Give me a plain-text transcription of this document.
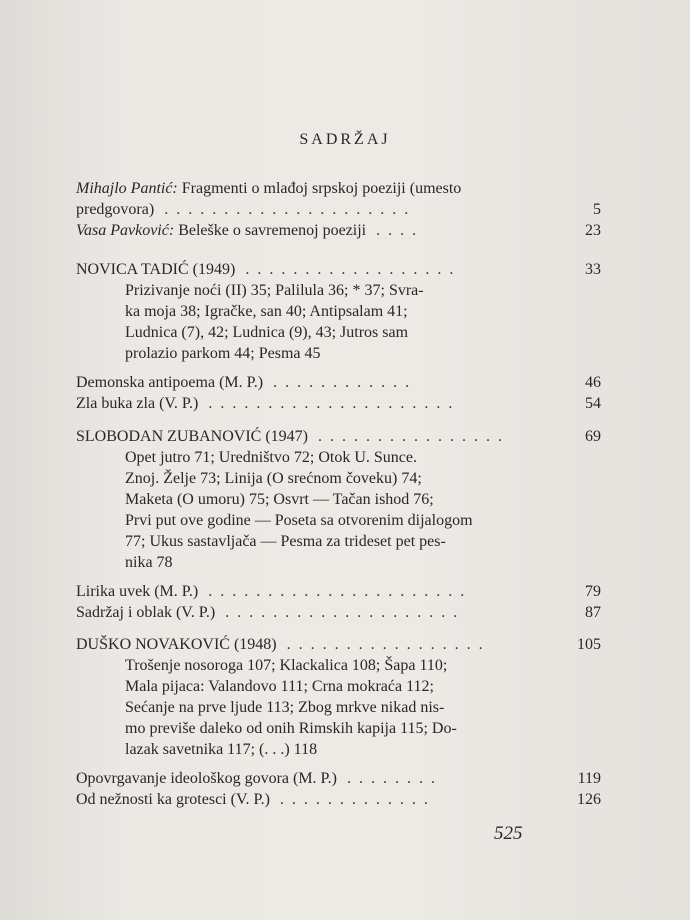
SADRŽAJ
Mihajlo Pantić: Fragmenti o mlađoj srpskoj poeziji (umesto
predgovora)  . . . . . . . . . . . . . . . . . . . . .	5
Vasa Pavković: Beleške o savremenoj poeziji  . . . .	23
NOVICA TADIĆ (1949)  . . . . . . . . . . . . . . . . . .	33
Prizivanje noći (II) 35; Palilula 36; * 37; Svra-
ka moja 38; Igračke, san 40; Antipsalam 41;
Ludnica (7), 42; Ludnica (9), 43; Jutros sam
prolazio parkom 44; Pesma 45
Demonska antipoema (M. P.)  . . . . . . . . . . . .	46
Zla buka zla (V. P.)  . . . . . . . . . . . . . . . . . . . . .	54
SLOBODAN ZUBANOVIĆ (1947)  . . . . . . . . . . . . . . . .	69
Opet jutro 71; Uredništvo 72; Otok U. Sunce.
Znoj. Želje 73; Linija (O srećnom čoveku) 74;
Maketa (O umoru) 75; Osvrt — Tačan ishod 76;
Prvi put ove godine — Poseta sa otvorenim dijalogom
77; Ukus sastavljača — Pesma za trideset pet pes-
nika 78
Lirika uvek (M. P.)  . . . . . . . . . . . . . . . . . . . . . .	79
Sadržaj i oblak (V. P.)  . . . . . . . . . . . . . . . . . . . .	87
DUŠKO NOVAKOVIĆ (1948)  . . . . . . . . . . . . . . . . .	105
Trošenje nosoroga 107; Klackalica 108; Šapa 110;
Mala pijaca: Valandovo 111; Crna mokraća 112;
Sećanje na prve ljude 113; Zbog mrkve nikad nis-
mo previše daleko od onih Rimskih kapija 115; Do-
lazak savetnika 117; (. . .) 118
Opovrgavanje ideološkog govora (M. P.)  . . . . . . . .	119
Od nežnosti ka grotesci (V. P.)  . . . . . . . . . . . . .	126
525
